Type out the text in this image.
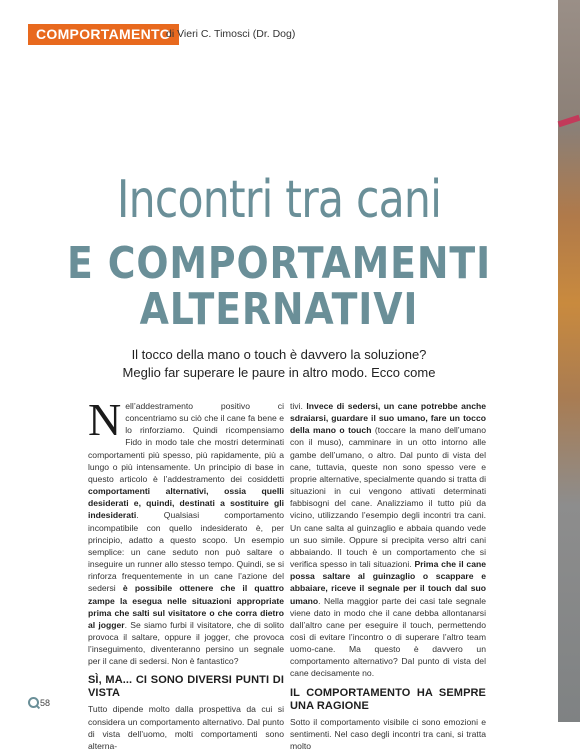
COMPORTAMENTO
di Vieri C. Timosci (Dr. Dog)
Incontri tra cani
E COMPORTAMENTI
ALTERNATIVI
Il tocco della mano o touch è davvero la soluzione?
Meglio far superare le paure in altro modo. Ecco come

Nell’addestramento positivo ci concentriamo su ciò che il cane fa bene e lo rinforziamo. Quindi ricompensiamo Fido in modo tale che mostri determinati comportamenti più spesso, più rapidamente, più a lungo o più intensamente. Un principio di base in questo articolo è l’addestramento dei cosiddetti comportamenti alternativi, ossia quelli desiderati e, quindi, destinati a sostituire gli indesiderati. Qualsiasi comportamento incompatibile con quello indesiderato è, per principio, adatto a questo scopo. Un esempio semplice: un cane seduto non può saltare o inseguire un runner allo stesso tempo. Quindi, se si rinforza frequentemente in un cane l’azione del sedersi è possibile ottenere che il quattro zampe la esegua nelle situazioni appropriate prima che salti sul visitatore o che corra dietro al jogger. Se siamo furbi il visitatore, che di solito provoca il saltare, oppure il jogger, che provoca l’inseguimento, diventeranno persino un segnale per il cane di sedersi. Non è fantastico?

SÌ, MA... CI SONO DIVERSI PUNTI DI VISTA

Tutto dipende molto dalla prospettiva da cui si considera un comportamento alternativo. Dal punto di vista dell’uomo, molti comportamenti sono alterna-

tivi. Invece di sedersi, un cane potrebbe anche sdraiarsi, guardare il suo umano, fare un tocco della mano o touch (toccare la mano dell’umano con il muso), camminare in un otto intorno alle gambe dell’umano, o altro. Dal punto di vista del cane, tuttavia, queste non sono spesso vere e proprie alternative, specialmente quando si tratta di situazioni in cui vengono attivati determinati fabbisogni del cane. Analizziamo il tutto più da vicino, utilizzando l’esempio degli incontri tra cani. Un cane salta al guinzaglio e abbaia quando vede un suo simile. Oppure si precipita verso altri cani abbaiando. Il touch è un comportamento che si verifica spesso in tali situazioni. Prima che il cane possa saltare al guinzaglio o scappare e abbaiare, riceve il segnale per il touch dal suo umano. Nella maggior parte dei casi tale segnale viene dato in modo che il cane debba allontanarsi dall’altro cane per eseguire il touch, permettendo così di evitare l’incontro o di superare l’altro team uomo-cane. Ma questo è davvero un comportamento alternativo? Dal punto di vista del cane decisamente no.

IL COMPORTAMENTO HA SEMPRE UNA RAGIONE

Sotto il comportamento visibile ci sono emozioni e sentimenti. Nel caso degli incontri tra cani, si tratta molto

58
